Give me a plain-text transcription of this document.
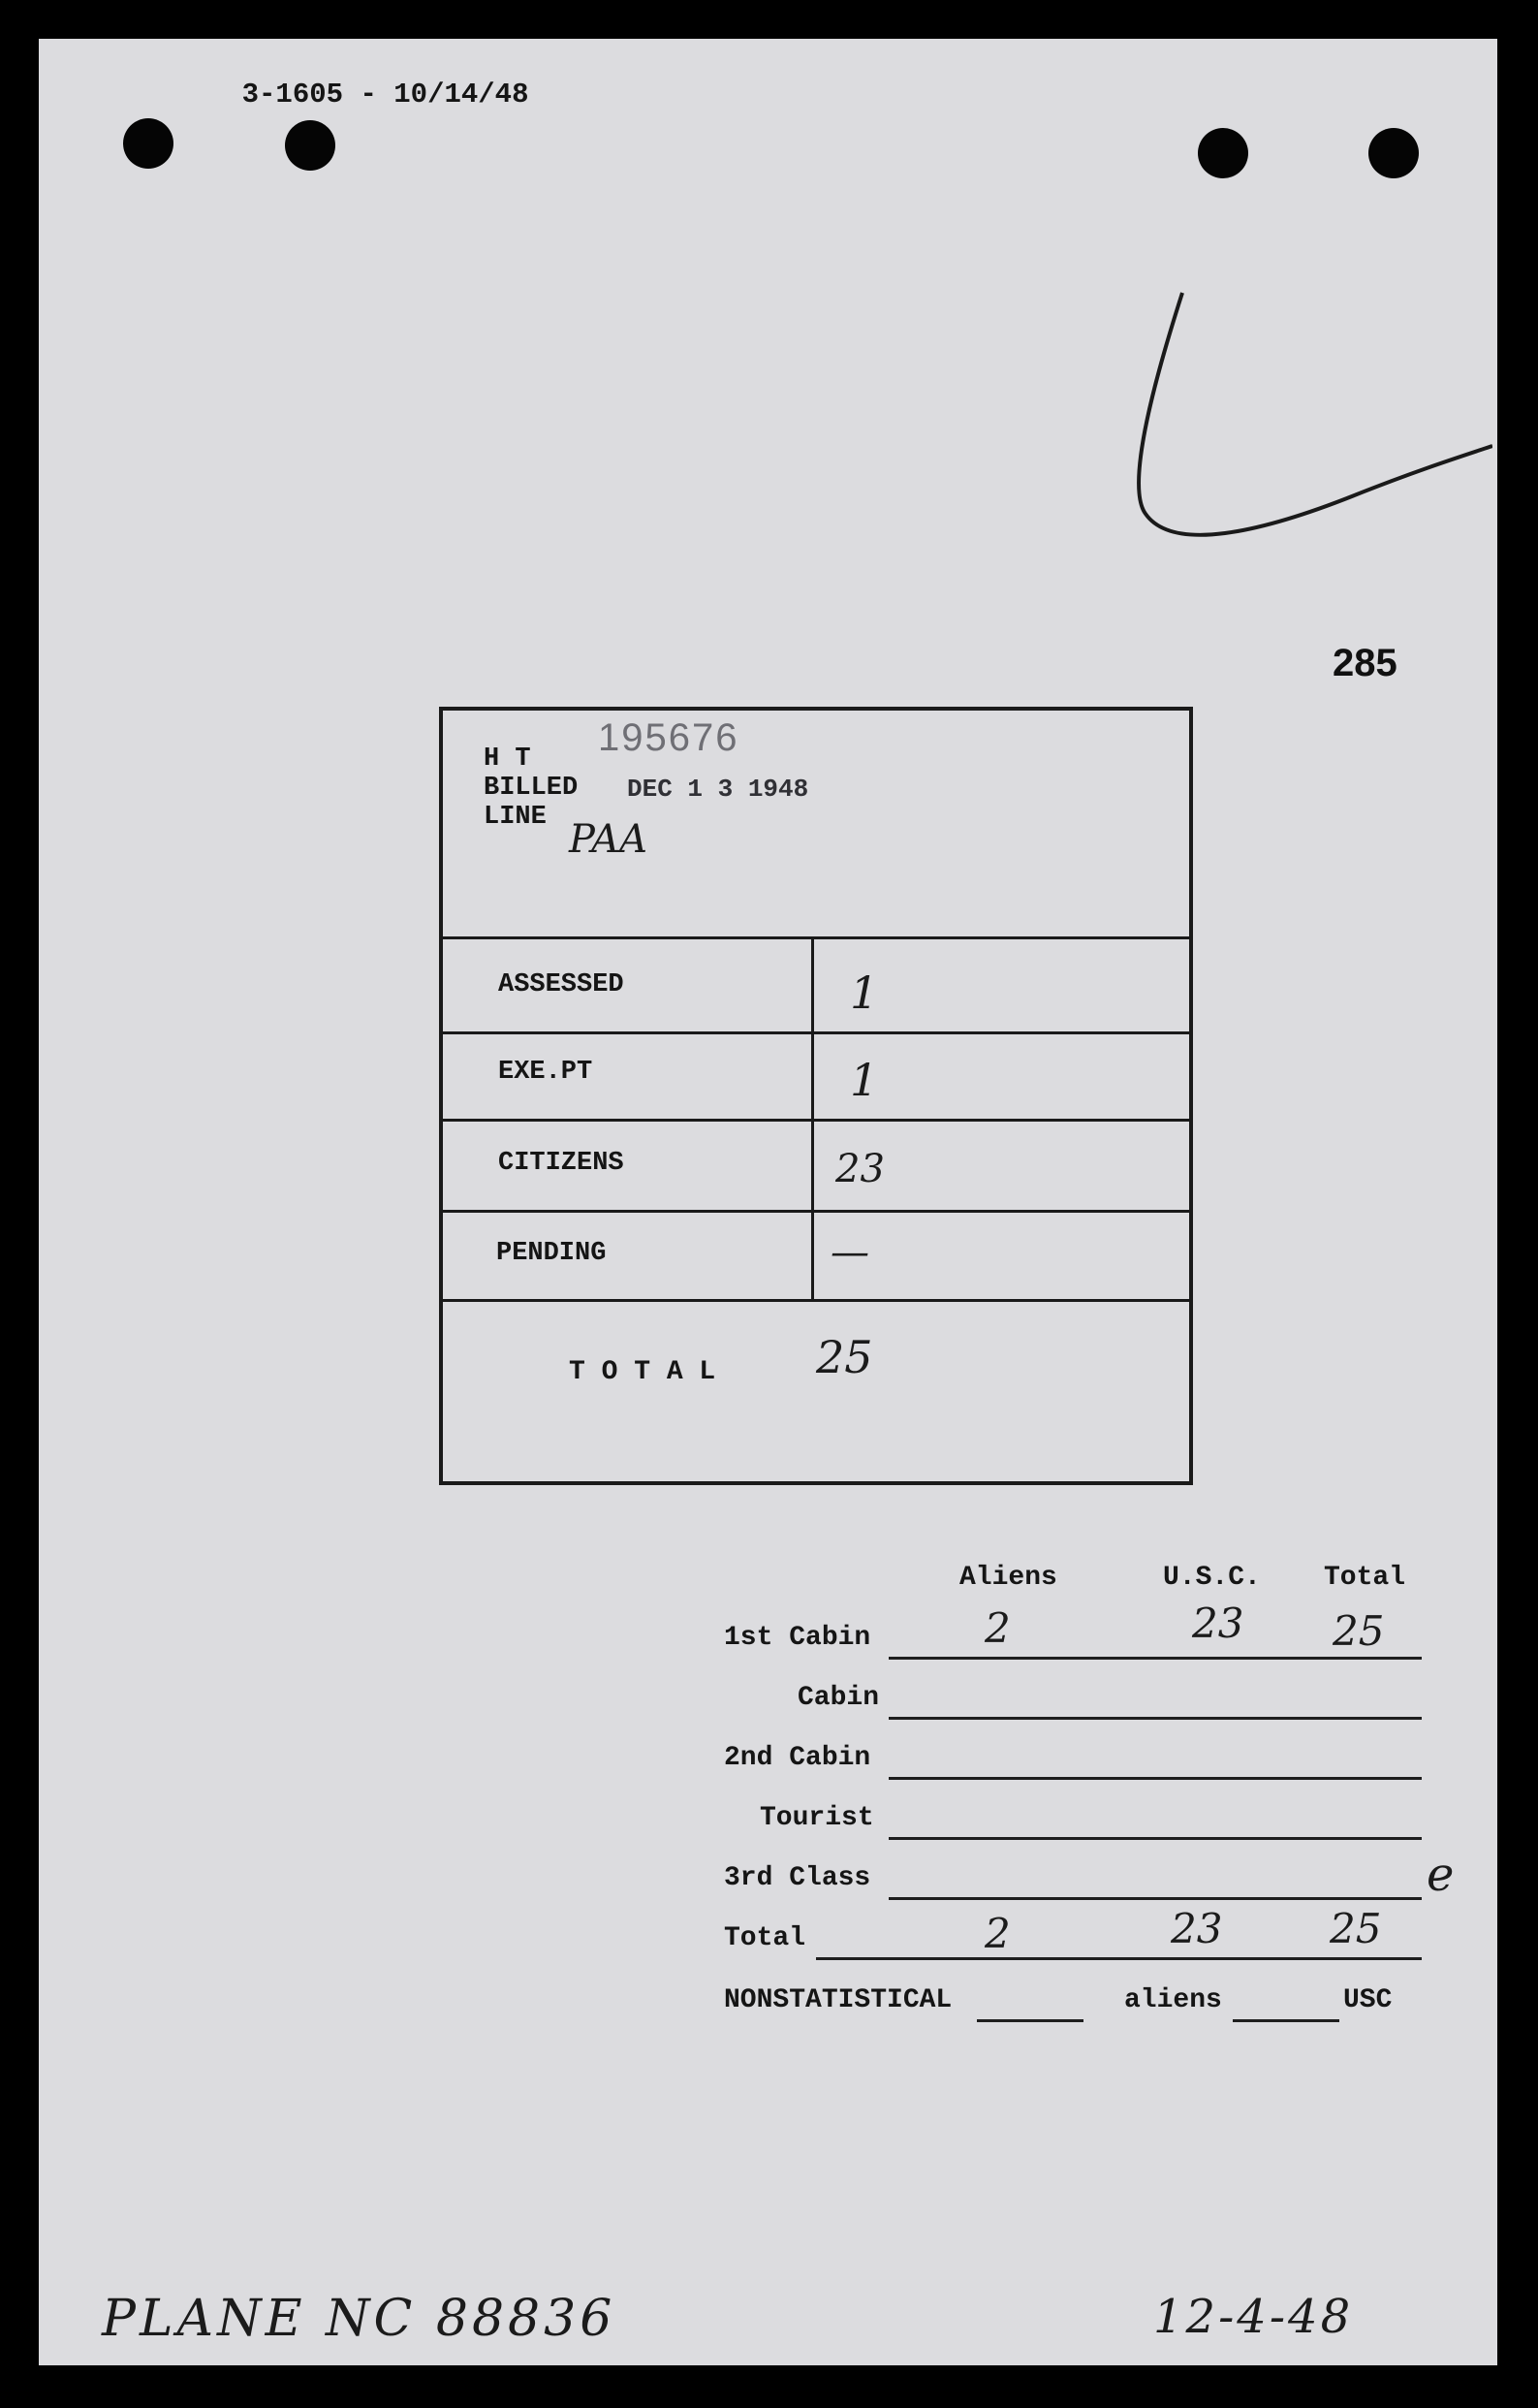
3-1605 - 10/14/48

285
195676
H T
BILLED
LINE
DEC 1 3 1948
PAA
ASSESSED	1
EXE.PT	1
CITIZENS	23
PENDING	—
T O T A L 25
Aliens	U.S.C. Total
1st Cabin	2	23 25
Cabin
2nd Cabin
Tourist
3rd Class	e
Total	2	23	25
NONSTATISTICAL	aliens	USC
PLANE NC 88836	12-4-48
